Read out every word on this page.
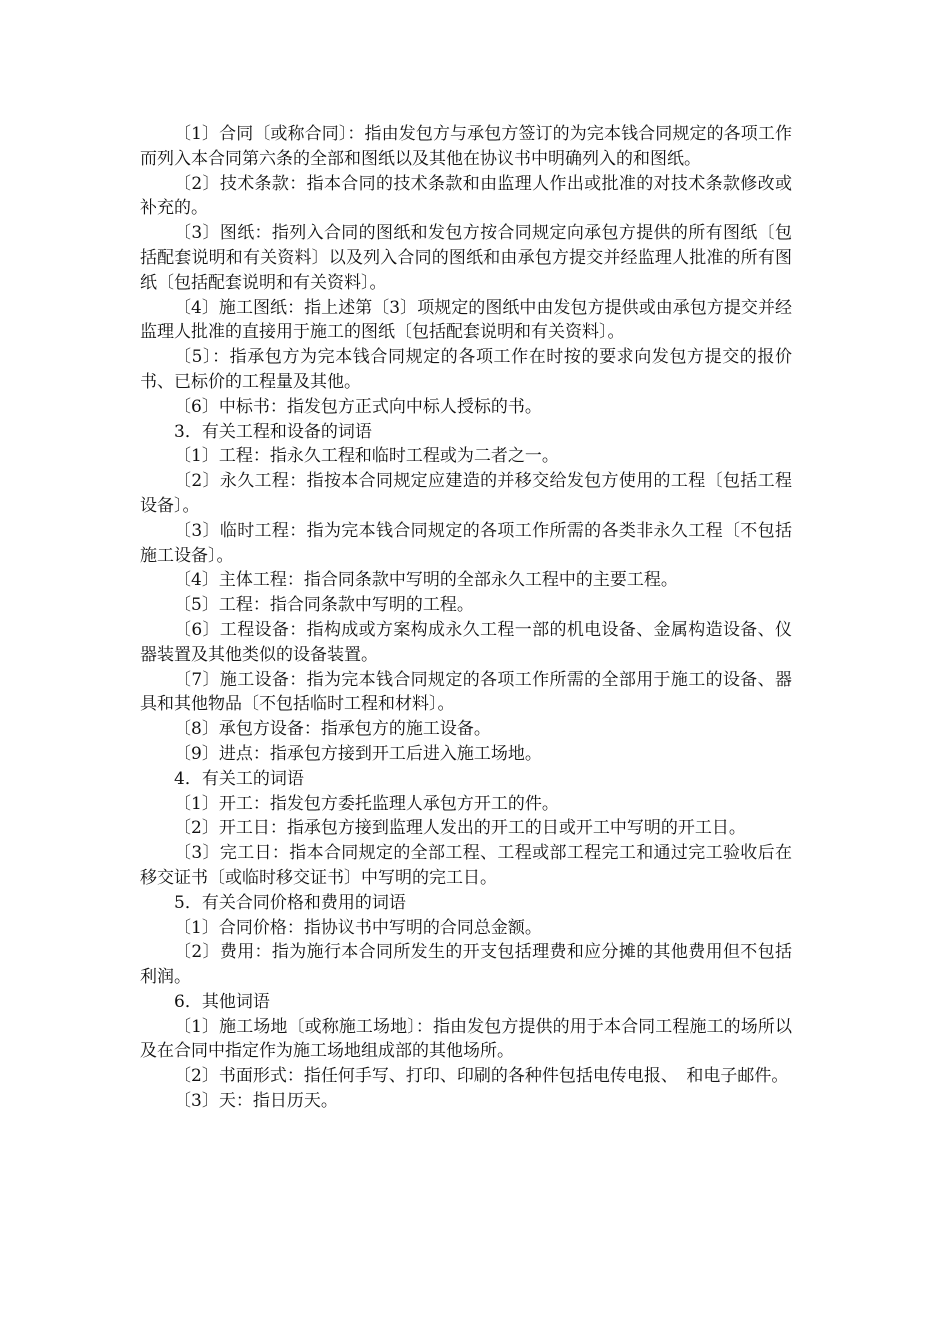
〔1〕合同〔或称合同〕：指由发包方与承包方签订的为完本钱合同规定的各项工作而列入本合同第六条的全部和图纸以及其他在协议书中明确列入的和图纸。

〔2〕技术条款：指本合同的技术条款和由监理人作出或批准的对技术条款修改或补充的。

〔3〕图纸：指列入合同的图纸和发包方按合同规定向承包方提供的所有图纸〔包括配套说明和有关资料〕以及列入合同的图纸和由承包方提交并经监理人批准的所有图纸〔包括配套说明和有关资料〕。

〔4〕施工图纸：指上述第〔3〕项规定的图纸中由发包方提供或由承包方提交并经监理人批准的直接用于施工的图纸〔包括配套说明和有关资料〕。

〔5〕：指承包方为完本钱合同规定的各项工作在时按的要求向发包方提交的报价书、已标价的工程量及其他。

〔6〕中标书：指发包方正式向中标人授标的书。

3．有关工程和设备的词语

〔1〕工程：指永久工程和临时工程或为二者之一。

〔2〕永久工程：指按本合同规定应建造的并移交给发包方使用的工程〔包括工程设备〕。

〔3〕临时工程：指为完本钱合同规定的各项工作所需的各类非永久工程〔不包括施工设备〕。

〔4〕主体工程：指合同条款中写明的全部永久工程中的主要工程。

〔5〕工程：指合同条款中写明的工程。

〔6〕工程设备：指构成或方案构成永久工程一部的机电设备、金属构造设备、仪器装置及其他类似的设备装置。

〔7〕施工设备：指为完本钱合同规定的各项工作所需的全部用于施工的设备、器具和其他物品〔不包括临时工程和材料〕。

〔8〕承包方设备：指承包方的施工设备。

〔9〕进点：指承包方接到开工后进入施工场地。

4．有关工的词语

〔1〕开工：指发包方委托监理人承包方开工的件。

〔2〕开工日：指承包方接到监理人发出的开工的日或开工中写明的开工日。

〔3〕完工日：指本合同规定的全部工程、工程或部工程完工和通过完工验收后在移交证书〔或临时移交证书〕中写明的完工日。

5．有关合同价格和费用的词语

〔1〕合同价格：指协议书中写明的合同总金额。

〔2〕费用：指为施行本合同所发生的开支包括理费和应分摊的其他费用但不包括利润。

6．其他词语

〔1〕施工场地〔或称施工场地〕：指由发包方提供的用于本合同工程施工的场所以及在合同中指定作为施工场地组成部的其他场所。

〔2〕书面形式：指任何手写、打印、印刷的各种件包括电传电报、　和电子邮件。

〔3〕天：指日历天。
